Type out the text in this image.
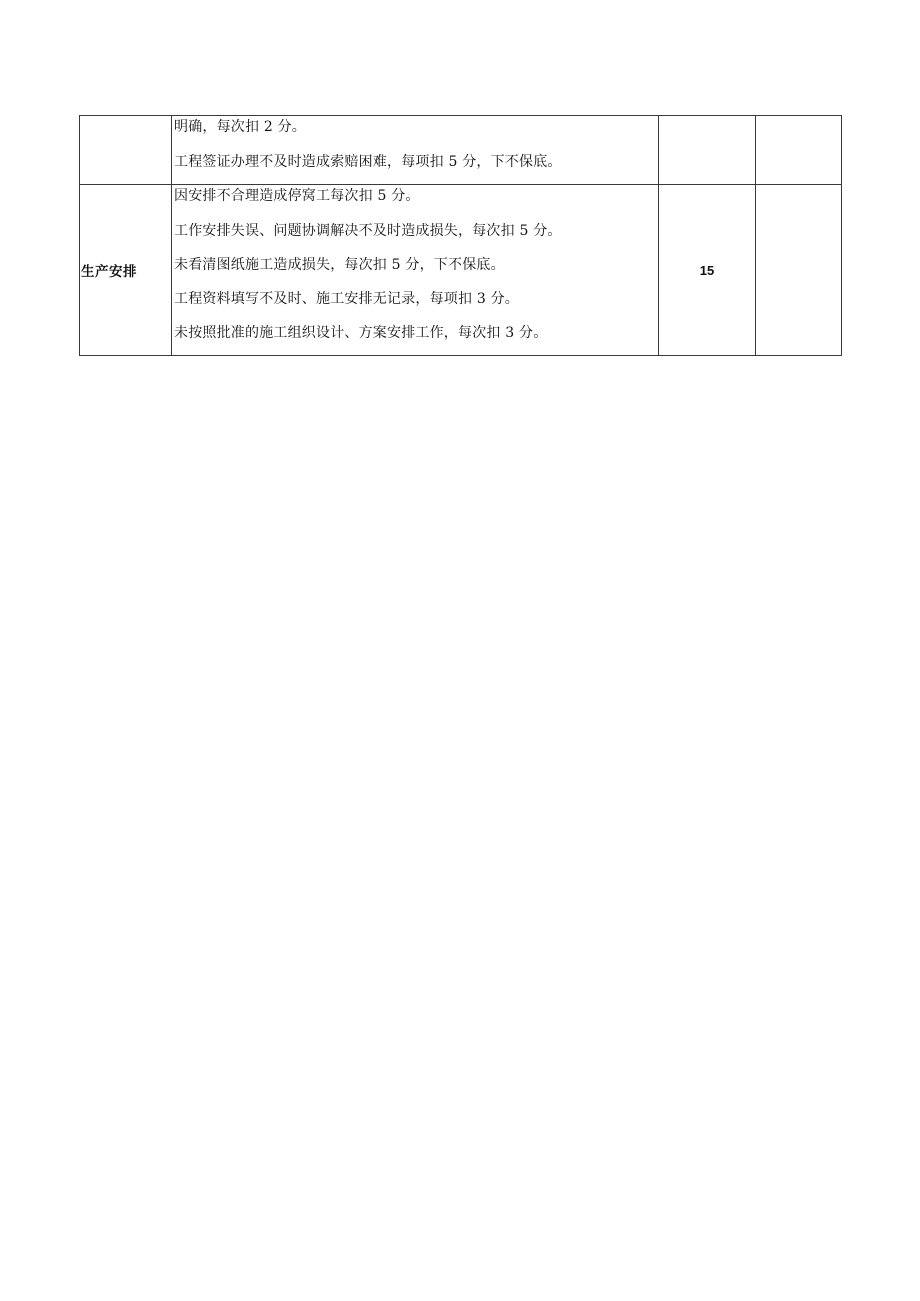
	明确，每次扣 2 分。
工程签证办理不及时造成索赔困难，每项扣 5 分，下不保底。		

生产安排	因安排不合理造成停窝工每次扣 5 分。
工作安排失误、问题协调解决不及时造成损失，每次扣 5 分。
未看清图纸施工造成损失，每次扣 5 分，下不保底。
工程资料填写不及时、施工安排无记录，每项扣 3 分。
未按照批准的施工组织设计、方案安排工作，每次扣 3 分。	15	
